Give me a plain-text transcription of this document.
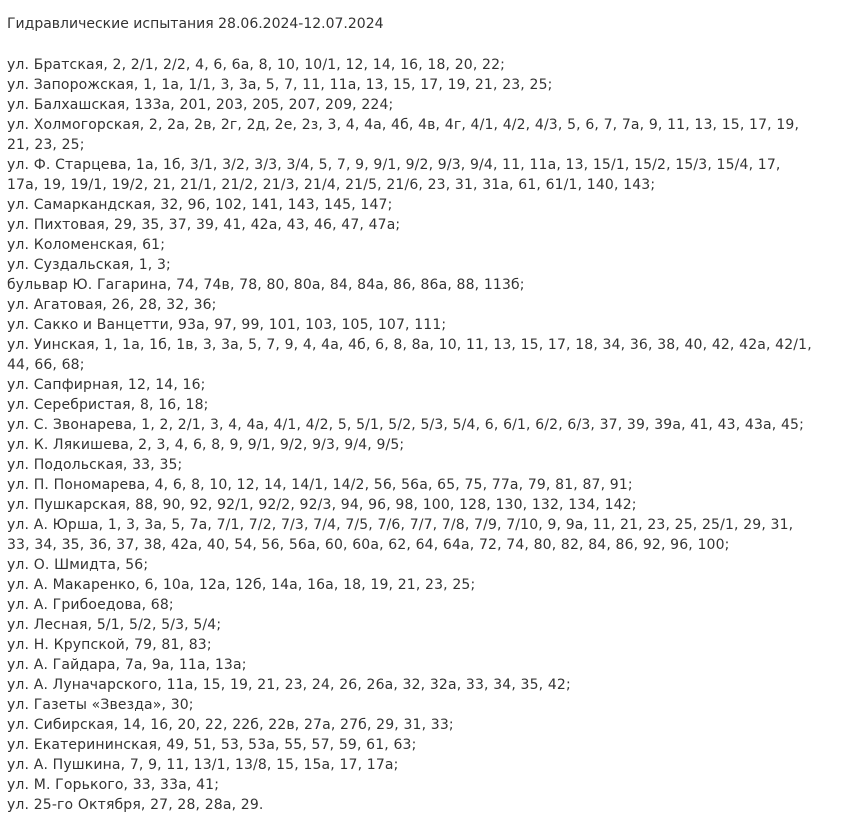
Гидравлические испытания 28.06.2024-12.07.2024
ул. Братская, 2, 2/1, 2/2, 4, 6, 6а, 8, 10, 10/1, 12, 14, 16, 18, 20, 22;
ул. Запорожская, 1, 1а, 1/1, 3, 3а, 5, 7, 11, 11а, 13, 15, 17, 19, 21, 23, 25;
ул. Балхашская, 133а, 201, 203, 205, 207, 209, 224;
ул. Холмогорская, 2, 2а, 2в, 2г, 2д, 2е, 2з, 3, 4, 4а, 4б, 4в, 4г, 4/1, 4/2, 4/3, 5, 6, 7, 7а, 9, 11, 13, 15, 17, 19,
21, 23, 25;
ул. Ф. Старцева, 1а, 1б, 3/1, 3/2, 3/3, 3/4, 5, 7, 9, 9/1, 9/2, 9/3, 9/4, 11, 11а, 13, 15/1, 15/2, 15/3, 15/4, 17,
17а, 19, 19/1, 19/2, 21, 21/1, 21/2, 21/3, 21/4, 21/5, 21/6, 23, 31, 31а, 61, 61/1, 140, 143;
ул. Самаркандская, 32, 96, 102, 141, 143, 145, 147;
ул. Пихтовая, 29, 35, 37, 39, 41, 42а, 43, 46, 47, 47а;
ул. Коломенская, 61;
ул. Суздальская, 1, 3;
бульвар Ю. Гагарина, 74, 74в, 78, 80, 80а, 84, 84а, 86, 86а, 88, 113б;
ул. Агатовая, 26, 28, 32, 36;
ул. Сакко и Ванцетти, 93а, 97, 99, 101, 103, 105, 107, 111;
ул. Уинская, 1, 1а, 1б, 1в, 3, 3а, 5, 7, 9, 4, 4а, 4б, 6, 8, 8а, 10, 11, 13, 15, 17, 18, 34, 36, 38, 40, 42, 42а, 42/1,
44, 66, 68;
ул. Сапфирная, 12, 14, 16;
ул. Серебристая, 8, 16, 18;
ул. С. Звонарева, 1, 2, 2/1, 3, 4, 4а, 4/1, 4/2, 5, 5/1, 5/2, 5/3, 5/4, 6, 6/1, 6/2, 6/3, 37, 39, 39а, 41, 43, 43а, 45;
ул. К. Лякишева, 2, 3, 4, 6, 8, 9, 9/1, 9/2, 9/3, 9/4, 9/5;
ул. Подольская, 33, 35;
ул. П. Пономарева, 4, 6, 8, 10, 12, 14, 14/1, 14/2, 56, 56а, 65, 75, 77а, 79, 81, 87, 91;
ул. Пушкарская, 88, 90, 92, 92/1, 92/2, 92/3, 94, 96, 98, 100, 128, 130, 132, 134, 142;
ул. А. Юрша, 1, 3, 3а, 5, 7а, 7/1, 7/2, 7/3, 7/4, 7/5, 7/6, 7/7, 7/8, 7/9, 7/10, 9, 9а, 11, 21, 23, 25, 25/1, 29, 31,
33, 34, 35, 36, 37, 38, 42а, 40, 54, 56, 56а, 60, 60а, 62, 64, 64а, 72, 74, 80, 82, 84, 86, 92, 96, 100;
ул. О. Шмидта, 56;
ул. А. Макаренко, 6, 10а, 12а, 12б, 14а, 16а, 18, 19, 21, 23, 25;
ул. А. Грибоедова, 68;
ул. Лесная, 5/1, 5/2, 5/3, 5/4;
ул. Н. Крупской, 79, 81, 83;
ул. А. Гайдара, 7а, 9а, 11а, 13а;
ул. А. Луначарского, 11а, 15, 19, 21, 23, 24, 26, 26а, 32, 32а, 33, 34, 35, 42;
ул. Газеты «Звезда», 30;
ул. Сибирская, 14, 16, 20, 22, 22б, 22в, 27а, 27б, 29, 31, 33;
ул. Екатерининская, 49, 51, 53, 53а, 55, 57, 59, 61, 63;
ул. А. Пушкина, 7, 9, 11, 13/1, 13/8, 15, 15а, 17, 17а;
ул. М. Горького, 33, 33а, 41;
ул. 25-го Октября, 27, 28, 28а, 29.
